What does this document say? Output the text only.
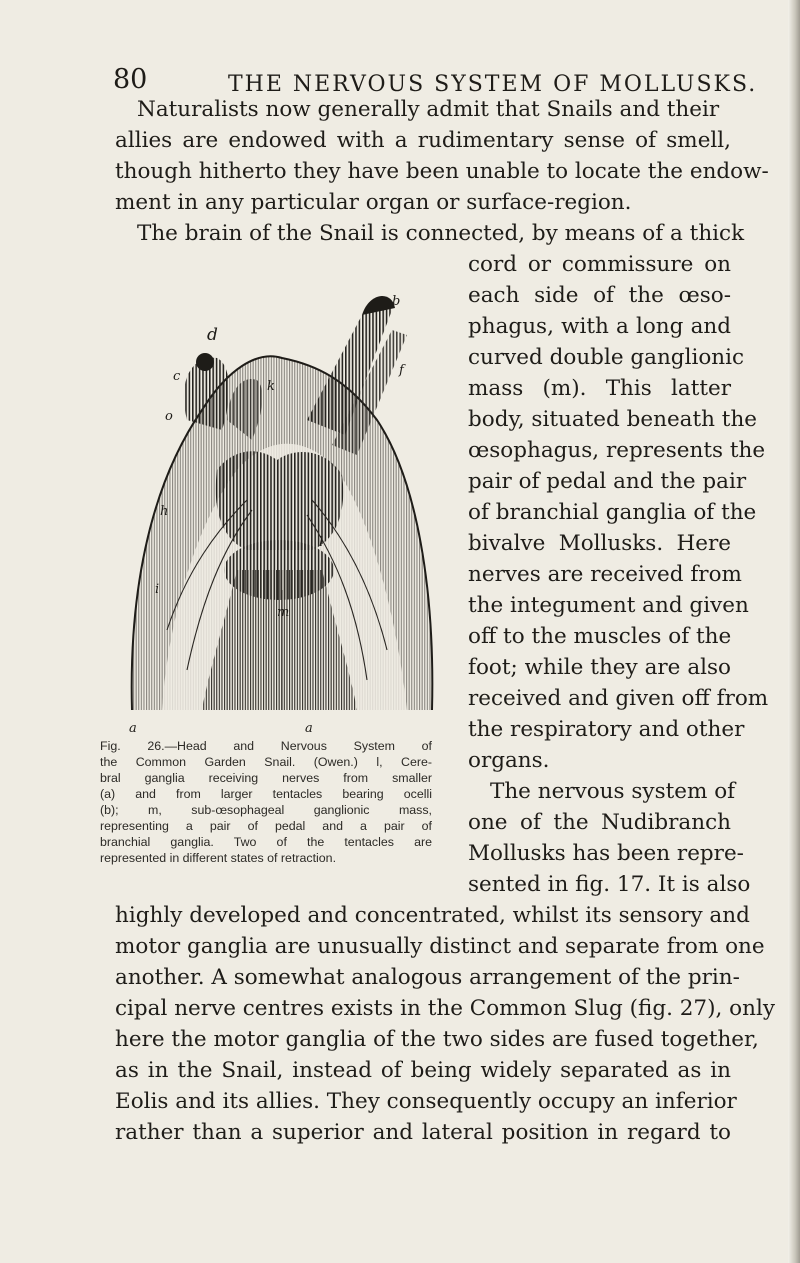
80	THE NERVOUS SYSTEM OF MOLLUSKS.
Naturalists now generally admit that Snails and their
allies are endowed with a rudimentary sense of smell,
though hitherto they have been unable to locate the endow-
ment in any particular organ or surface-region.
The brain of the Snail is connected, by means of a thick
cord or commissure on
each side of the œso-
phagus, with a long and
curved double ganglionic
mass (m). This latter
body, situated beneath the
œsophagus, represents the
pair of pedal and the pair
of branchial ganglia of the
bivalve Mollusks. Here
nerves are received from
the integument and given
off to the muscles of the
foot; while they are also
received and given off from
the respiratory and other
organs.
The nervous system of
one of the Nudibranch
Mollusks has been repre-
sented in fig. 17. It is also
highly developed and concentrated, whilst its sensory and
motor ganglia are unusually distinct and separate from one
another. A somewhat analogous arrangement of the prin-
cipal nerve centres exists in the Common Slug (fig. 27), only
here the motor ganglia of the two sides are fused together,
as in the Snail, instead of being widely separated as in
Eolis and its allies. They consequently occupy an inferior
rather than a superior and lateral position in regard to
d
b
c
k
f
o
h
i
l
m
a	a
Fig. 26.—Head and Nervous System of
the Common Garden Snail. (Owen.) l, Cere-
bral ganglia receiving nerves from smaller
(a) and from larger tentacles bearing ocelli
(b); m, sub-œsophageal ganglionic mass,
representing a pair of pedal and a pair of
branchial ganglia. Two of the tentacles are
represented in different states of retraction.
